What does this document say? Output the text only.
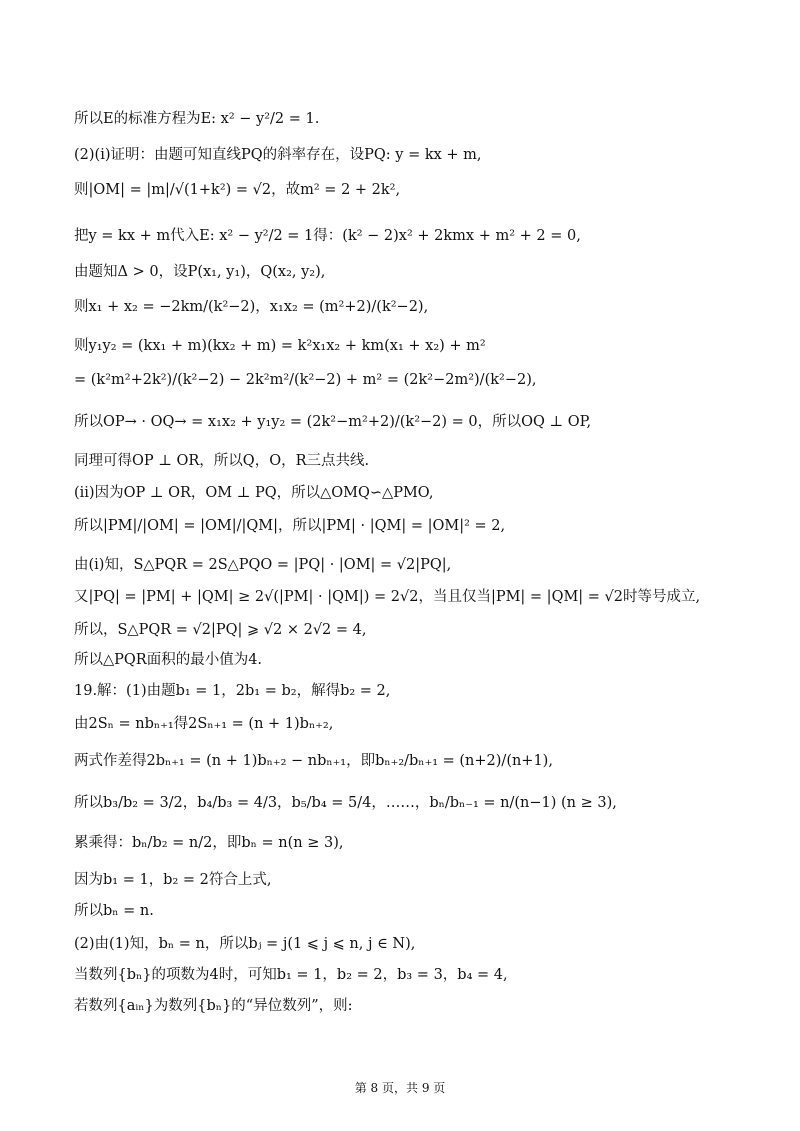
所以E的标准方程为E: x² − y²/2 = 1.
(2)(i)证明：由题可知直线PQ的斜率存在，设PQ: y = kx + m,
则|OM| = |m|/√(1+k²) = √2，故m² = 2 + 2k²,
把y = kx + m代入E: x² − y²/2 = 1得：(k² − 2)x² + 2kmx + m² + 2 = 0,
由题知Δ > 0，设P(x₁, y₁)，Q(x₂, y₂),
则x₁ + x₂ = −2km/(k²−2)，x₁x₂ = (m²+2)/(k²−2),
则y₁y₂ = (kx₁ + m)(kx₂ + m) = k²x₁x₂ + km(x₁ + x₂) + m²
= (k²m²+2k²)/(k²−2) − 2k²m²/(k²−2) + m² = (2k²−2m²)/(k²−2),
所以OP→ · OQ→ = x₁x₂ + y₁y₂ = (2k²−m²+2)/(k²−2) = 0，所以OQ ⊥ OP,
同理可得OP ⊥ OR，所以Q，O，R三点共线.
(ii)因为OP ⊥ OR，OM ⊥ PQ，所以△OMQ∽△PMO,
所以|PM|/|OM| = |OM|/|QM|，所以|PM| · |QM| = |OM|² = 2,
由(i)知，S△PQR = 2S△PQO = |PQ| · |OM| = √2|PQ|,
又|PQ| = |PM| + |QM| ≥ 2√(|PM| · |QM|) = 2√2，当且仅当|PM| = |QM| = √2时等号成立,
所以，S△PQR = √2|PQ| ⩾ √2 × 2√2 = 4,
所以△PQR面积的最小值为4.
19.解：(1)由题b₁ = 1，2b₁ = b₂，解得b₂ = 2,
由2Sₙ = nbₙ₊₁得2Sₙ₊₁ = (n + 1)bₙ₊₂,
两式作差得2bₙ₊₁ = (n + 1)bₙ₊₂ − nbₙ₊₁，即bₙ₊₂/bₙ₊₁ = (n+2)/(n+1),
所以b₃/b₂ = 3/2，b₄/b₃ = 4/3，b₅/b₄ = 5/4，……，bₙ/bₙ₋₁ = n/(n−1) (n ≥ 3),
累乘得：bₙ/b₂ = n/2，即bₙ = n(n ≥ 3),
因为b₁ = 1，b₂ = 2符合上式,
所以bₙ = n.
(2)由(1)知，bₙ = n，所以bⱼ = j(1 ⩽ j ⩽ n, j ∈ N),
当数列{bₙ}的项数为4时，可知b₁ = 1，b₂ = 2，b₃ = 3，b₄ = 4,
若数列{aᵢₙ}为数列{bₙ}的“异位数列”，则:
第 8 页，共 9 页
